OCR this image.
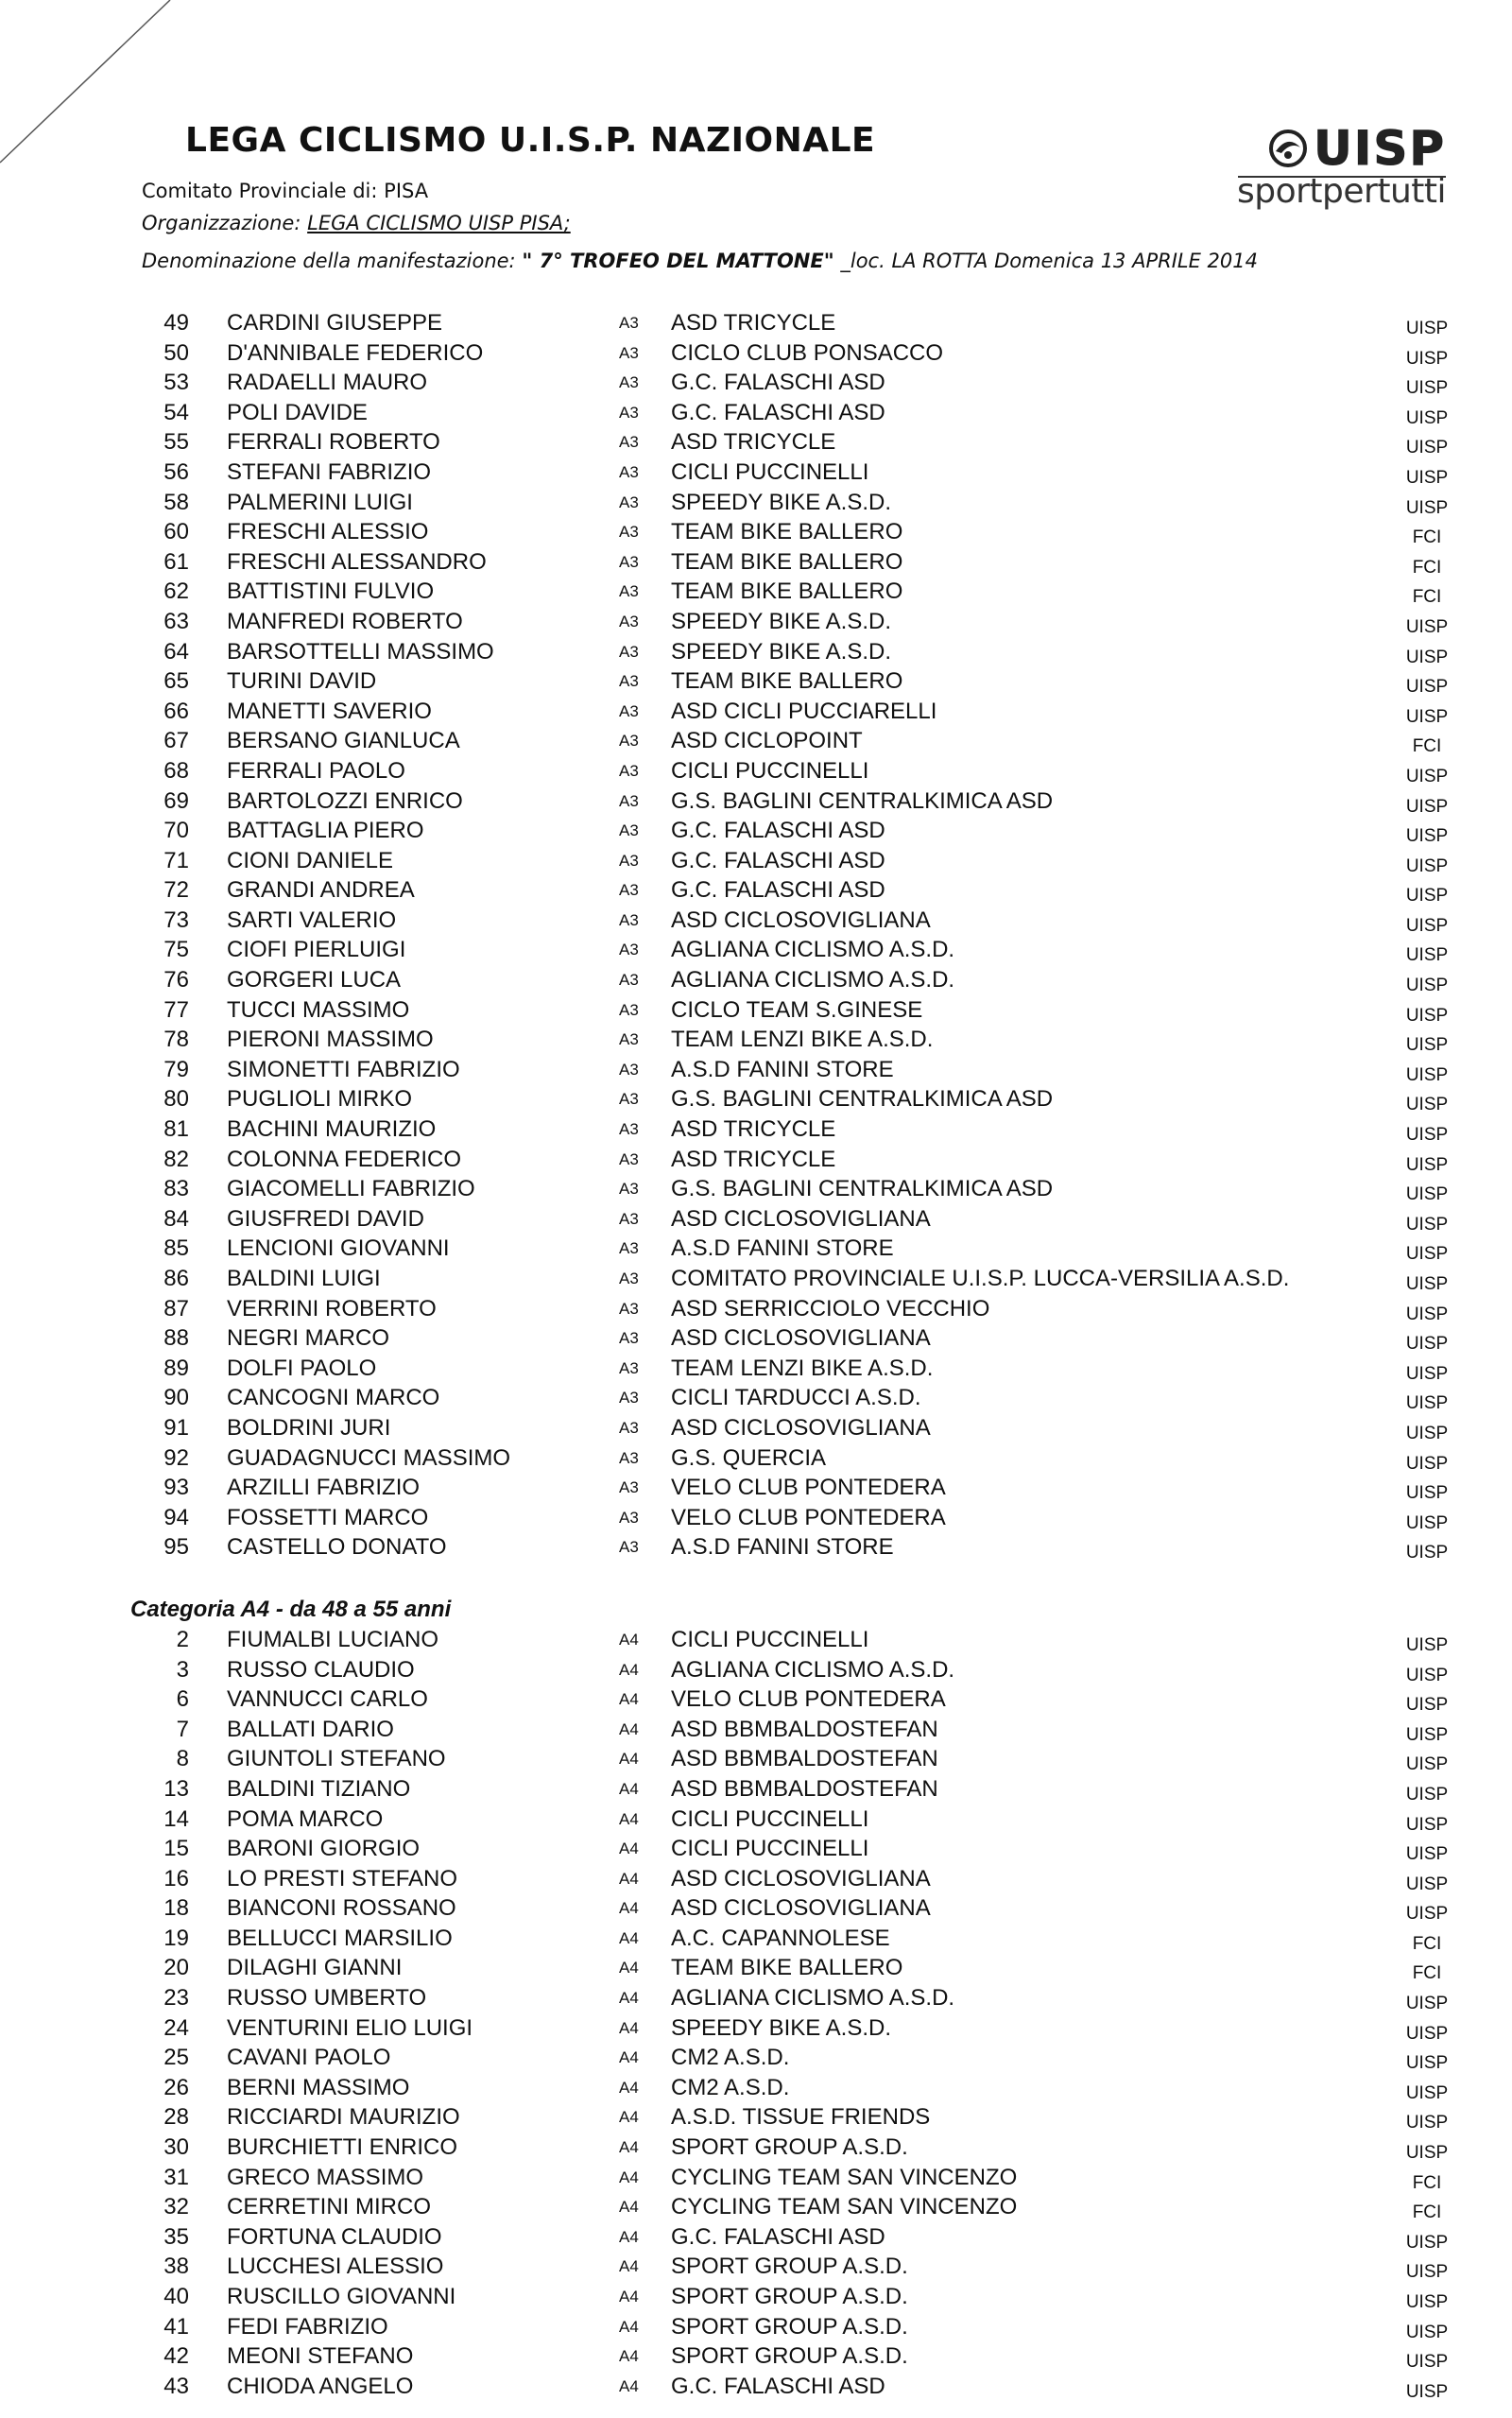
LEGA CICLISMO U.I.S.P. NAZIONALE
Comitato Provinciale di: PISA
Organizzazione: LEGA CICLISMO UISP PISA;
Denominazione della manifestazione: " 7° TROFEO DEL MATTONE" _loc. LA ROTTA Domenica 13 APRILE 2014
UISP
sportpertutti
49 CARDINI GIUSEPPE	A3 ASD TRICYCLE	UISP
50 D'ANNIBALE FEDERICO	A3 CICLO CLUB PONSACCO	UISP
53 RADAELLI MAURO	A3 G.C. FALASCHI ASD	UISP
54 POLI DAVIDE	A3 G.C. FALASCHI ASD	UISP
55 FERRALI ROBERTO	A3 ASD TRICYCLE	UISP
56 STEFANI FABRIZIO	A3 CICLI PUCCINELLI	UISP
58 PALMERINI LUIGI	A3 SPEEDY BIKE A.S.D.	UISP
60 FRESCHI ALESSIO	A3 TEAM BIKE BALLERO	FCI
61 FRESCHI ALESSANDRO	A3 TEAM BIKE BALLERO	FCI
62 BATTISTINI FULVIO	A3 TEAM BIKE BALLERO	FCI
63 MANFREDI ROBERTO	A3 SPEEDY BIKE A.S.D.	UISP
64 BARSOTTELLI MASSIMO	A3 SPEEDY BIKE A.S.D.	UISP
65 TURINI DAVID	A3 TEAM BIKE BALLERO	UISP
66 MANETTI SAVERIO	A3 ASD CICLI PUCCIARELLI	UISP
67 BERSANO GIANLUCA	A3 ASD CICLOPOINT	FCI
68 FERRALI PAOLO	A3 CICLI PUCCINELLI	UISP
69 BARTOLOZZI ENRICO	A3 G.S. BAGLINI CENTRALKIMICA ASD	UISP
70 BATTAGLIA PIERO	A3 G.C. FALASCHI ASD	UISP
71 CIONI DANIELE	A3 G.C. FALASCHI ASD	UISP
72 GRANDI ANDREA	A3 G.C. FALASCHI ASD	UISP
73 SARTI VALERIO	A3 ASD CICLOSOVIGLIANA	UISP
75 CIOFI PIERLUIGI	A3 AGLIANA CICLISMO A.S.D.	UISP
76 GORGERI LUCA	A3 AGLIANA CICLISMO A.S.D.	UISP
77 TUCCI MASSIMO	A3 CICLO TEAM S.GINESE	UISP
78 PIERONI MASSIMO	A3 TEAM LENZI BIKE A.S.D.	UISP
79 SIMONETTI FABRIZIO	A3 A.S.D FANINI STORE	UISP
80 PUGLIOLI MIRKO	A3 G.S. BAGLINI CENTRALKIMICA ASD	UISP
81 BACHINI MAURIZIO	A3 ASD TRICYCLE	UISP
82 COLONNA FEDERICO	A3 ASD TRICYCLE	UISP
83 GIACOMELLI FABRIZIO	A3 G.S. BAGLINI CENTRALKIMICA ASD	UISP
84 GIUSFREDI DAVID	A3 ASD CICLOSOVIGLIANA	UISP
85 LENCIONI GIOVANNI	A3 A.S.D FANINI STORE	UISP
86 BALDINI LUIGI	A3 COMITATO PROVINCIALE U.I.S.P. LUCCA-VERSILIA A.S.D.	UISP
87 VERRINI ROBERTO	A3 ASD SERRICCIOLO VECCHIO	UISP
88 NEGRI MARCO	A3 ASD CICLOSOVIGLIANA	UISP
89 DOLFI PAOLO	A3 TEAM LENZI BIKE A.S.D.	UISP
90 CANCOGNI MARCO	A3 CICLI TARDUCCI A.S.D.	UISP
91 BOLDRINI JURI	A3 ASD CICLOSOVIGLIANA	UISP
92 GUADAGNUCCI MASSIMO	A3 G.S. QUERCIA	UISP
93 ARZILLI FABRIZIO	A3 VELO CLUB PONTEDERA	UISP
94 FOSSETTI MARCO	A3 VELO CLUB PONTEDERA	UISP
95 CASTELLO DONATO	A3 A.S.D FANINI STORE	UISP
Categoria A4 - da 48 a 55 anni
2 FIUMALBI LUCIANO	A4 CICLI PUCCINELLI	UISP
3 RUSSO CLAUDIO	A4 AGLIANA CICLISMO A.S.D.	UISP
6 VANNUCCI CARLO	A4 VELO CLUB PONTEDERA	UISP
7 BALLATI DARIO	A4 ASD BBMBALDOSTEFAN	UISP
8 GIUNTOLI STEFANO	A4 ASD BBMBALDOSTEFAN	UISP
13 BALDINI TIZIANO	A4 ASD BBMBALDOSTEFAN	UISP
14 POMA MARCO	A4 CICLI PUCCINELLI	UISP
15 BARONI GIORGIO	A4 CICLI PUCCINELLI	UISP
16 LO PRESTI STEFANO	A4 ASD CICLOSOVIGLIANA	UISP
18 BIANCONI ROSSANO	A4 ASD CICLOSOVIGLIANA	UISP
19 BELLUCCI MARSILIO	A4 A.C. CAPANNOLESE	FCI
20 DILAGHI GIANNI	A4 TEAM BIKE BALLERO	FCI
23 RUSSO UMBERTO	A4 AGLIANA CICLISMO A.S.D.	UISP
24 VENTURINI ELIO LUIGI	A4 SPEEDY BIKE A.S.D.	UISP
25 CAVANI PAOLO	A4 CM2 A.S.D.	UISP
26 BERNI MASSIMO	A4 CM2 A.S.D.	UISP
28 RICCIARDI MAURIZIO	A4 A.S.D. TISSUE FRIENDS	UISP
30 BURCHIETTI ENRICO	A4 SPORT GROUP A.S.D.	UISP
31 GRECO MASSIMO	A4 CYCLING TEAM SAN VINCENZO	FCI
32 CERRETINI MIRCO	A4 CYCLING TEAM SAN VINCENZO	FCI
35 FORTUNA CLAUDIO	A4 G.C. FALASCHI ASD	UISP
38 LUCCHESI ALESSIO	A4 SPORT GROUP A.S.D.	UISP
40 RUSCILLO GIOVANNI	A4 SPORT GROUP A.S.D.	UISP
41 FEDI FABRIZIO	A4 SPORT GROUP A.S.D.	UISP
42 MEONI STEFANO	A4 SPORT GROUP A.S.D.	UISP
43 CHIODA ANGELO	A4 G.C. FALASCHI ASD	UISP
